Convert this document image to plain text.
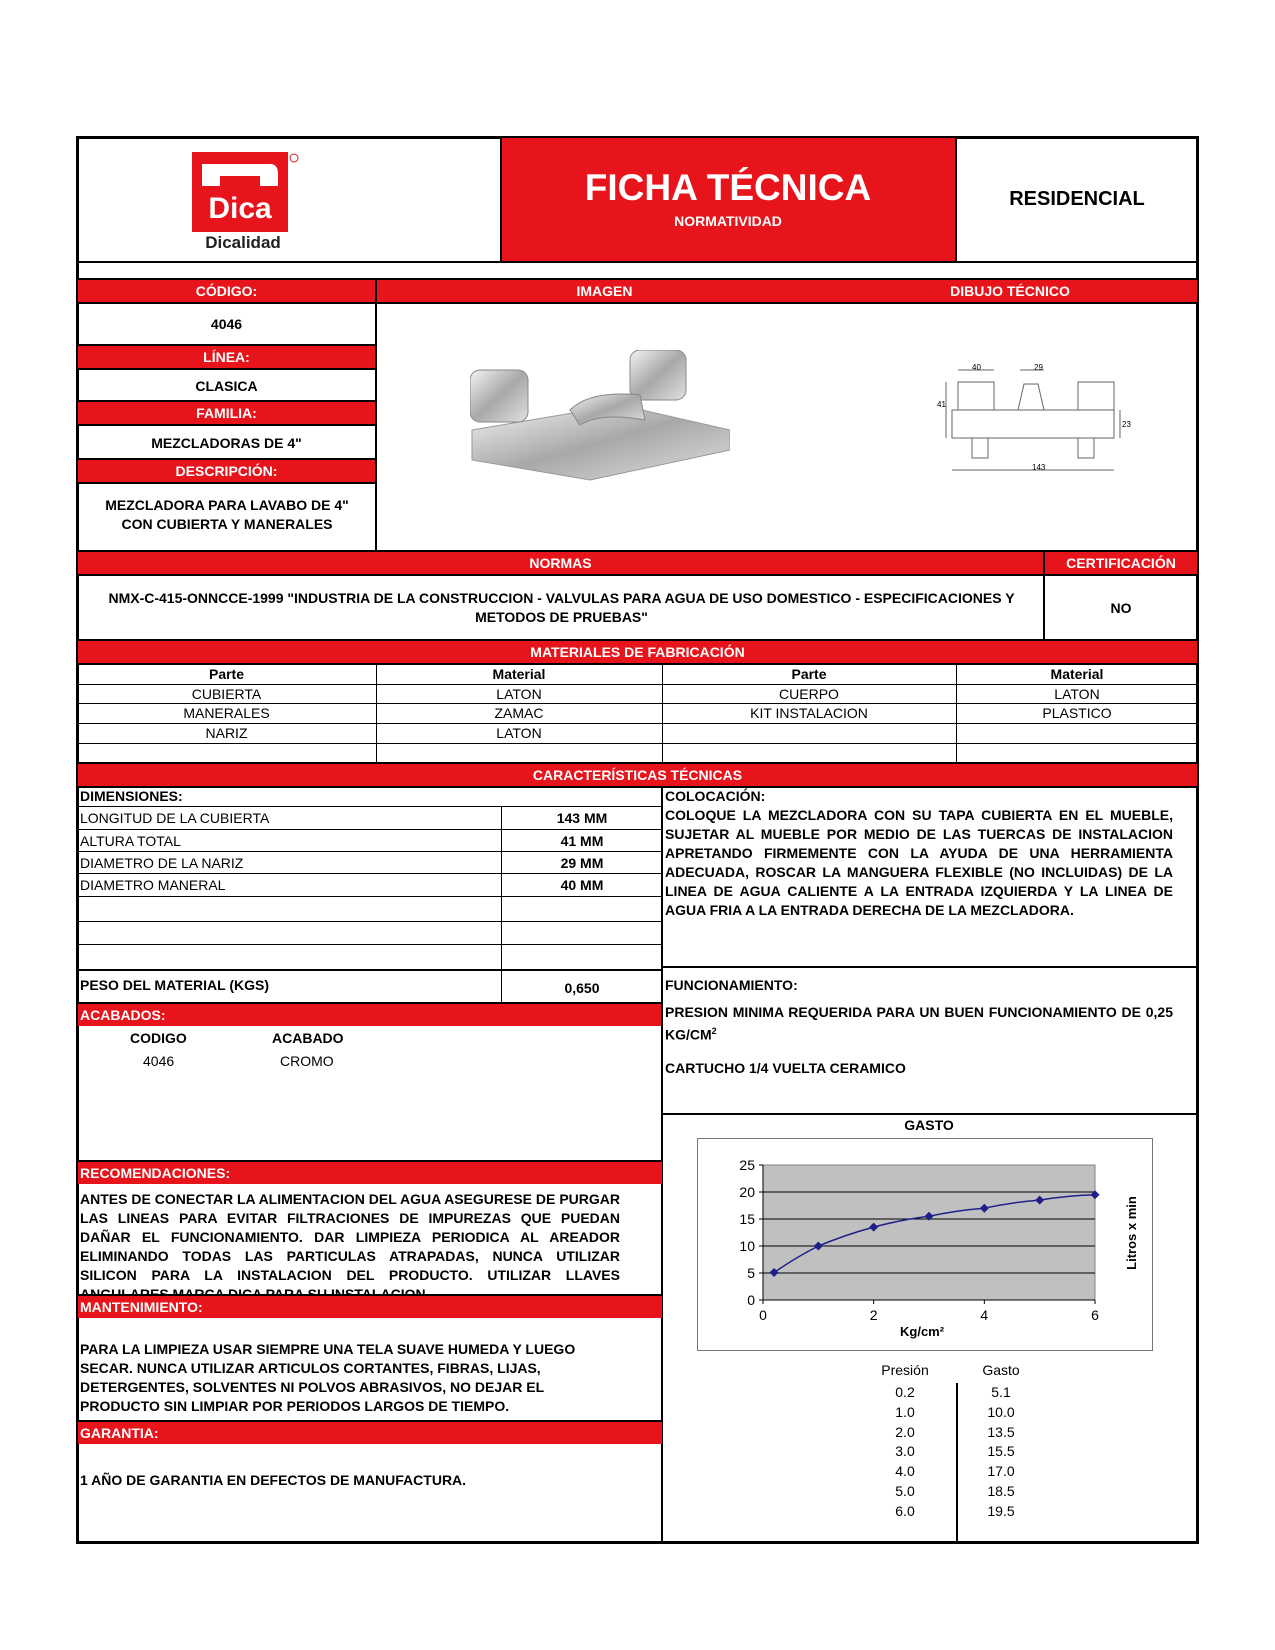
Dica
Dicalidad
FICHA TÉCNICA
NORMATIVIDAD
RESIDENCIAL
CÓDIGO:	IMAGEN	DIBUJO TÉCNICO
4046
LÍNEA:
CLASICA
FAMILIA:
MEZCLADORAS DE 4"
DESCRIPCIÓN:
MEZCLADORA PARA LAVABO DE 4" CON CUBIERTA Y MANERALES
40	29
41
23
143
NORMAS	CERTIFICACIÓN
NMX-C-415-ONNCCE-1999 "INDUSTRIA DE LA CONSTRUCCION - VALVULAS PARA AGUA DE USO DOMESTICO - ESPECIFICACIONES Y METODOS DE PRUEBAS"
NO
MATERIALES DE FABRICACIÓN
Parte	Material	Parte	Material
CUBIERTA	LATON	CUERPO	LATON
MANERALES	ZAMAC	KIT INSTALACION	PLASTICO
NARIZ	LATON
CARACTERÍSTICAS TÉCNICAS
DIMENSIONES:
LONGITUD DE LA CUBIERTA	143 MM
ALTURA TOTAL	41 MM
DIAMETRO DE LA NARIZ	29 MM
DIAMETRO MANERAL	40 MM
PESO DEL MATERIAL (KGS)	0,650
ACABADOS:
CODIGO	ACABADO
4046	CROMO
COLOCACIÓN:
COLOQUE LA MEZCLADORA CON SU TAPA CUBIERTA EN EL MUEBLE, SUJETAR AL MUEBLE POR MEDIO DE LAS TUERCAS DE INSTALACION APRETANDO FIRMEMENTE CON LA AYUDA DE UNA HERRAMIENTA ADECUADA, ROSCAR LA MANGUERA FLEXIBLE (NO INCLUIDAS) DE LA LINEA DE AGUA CALIENTE A LA ENTRADA IZQUIERDA Y LA LINEA DE AGUA FRIA A LA ENTRADA DERECHA DE LA MEZCLADORA.
FUNCIONAMIENTO:
PRESION MINIMA REQUERIDA PARA UN BUEN FUNCIONAMIENTO DE 0,25 $KG/CM^2$
CARTUCHO 1/4 VUELTA CERAMICO
RECOMENDACIONES:
ANTES DE CONECTAR LA ALIMENTACION DEL AGUA ASEGURESE DE PURGAR LAS LINEAS PARA EVITAR FILTRACIONES DE IMPUREZAS QUE PUEDAN DAÑAR EL FUNCIONAMIENTO. DAR LIMPIEZA PERIODICA AL AREADOR ELIMINANDO TODAS LAS PARTICULAS ATRAPADAS, NUNCA UTILIZAR SILICON PARA LA INSTALACION DEL PRODUCTO. UTILIZAR LLAVES
MANTENIMIENTO:
PARA LA LIMPIEZA USAR SIEMPRE UNA TELA SUAVE HUMEDA Y LUEGO SECAR. NUNCA UTILIZAR ARTICULOS CORTANTES, FIBRAS, LIJAS, DETERGENTES, SOLVENTES NI POLVOS ABRASIVOS, NO DEJAR EL PRODUCTO SIN LIMPIAR POR PERIODOS LARGOS DE TIEMPO.
GARANTIA:
1 AÑO DE GARANTIA EN DEFECTOS DE MANUFACTURA.
GASTO
0
5
10
15
20
25
0	2	4	6
Kg/cm²
Litros x min
Presión	Gasto
0.2	5.1
1.0	10.0
2.0	13.5
3.0	15.5
4.0	17.0
5.0	18.5
6.0	19.5
